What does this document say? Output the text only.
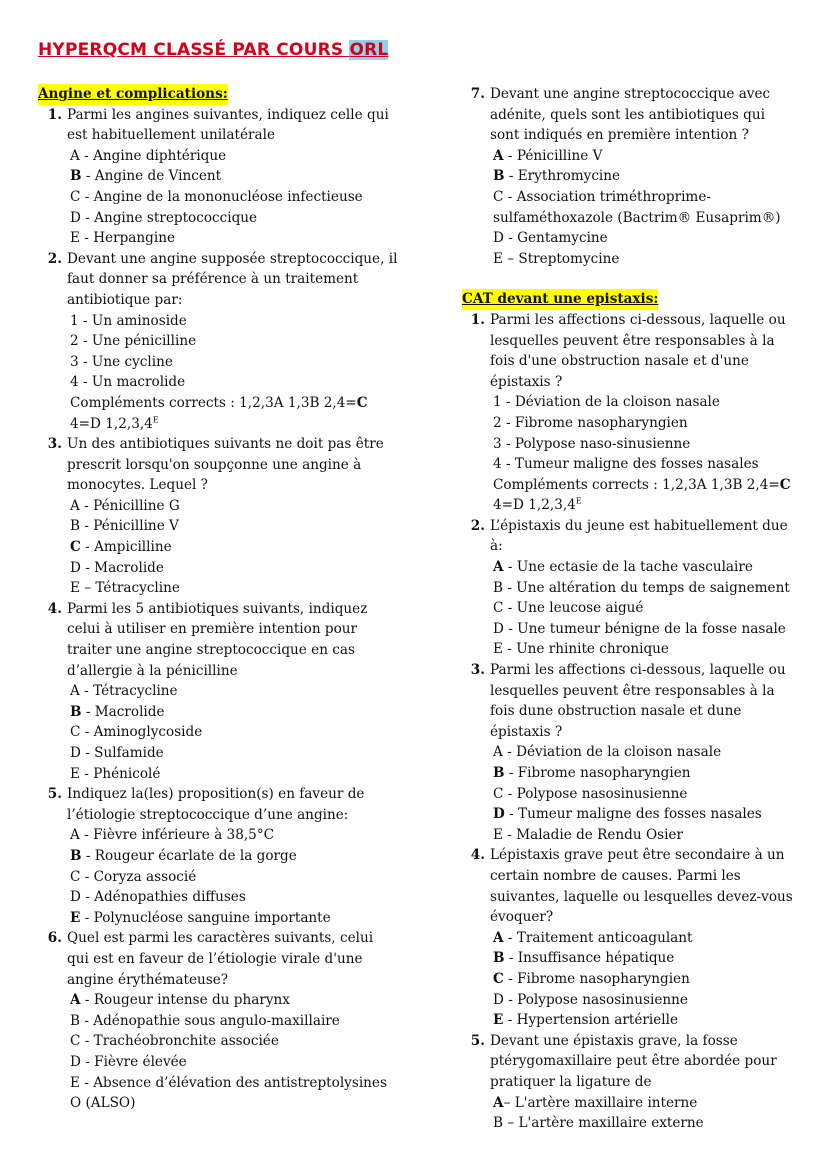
HYPERQCM CLASSÉ PAR COURS ORL
Angine et complications:
1. Parmi les angines suivantes, indiquez celle qui est habituellement unilatérale
A - Angine diphtérique
B - Angine de Vincent
C - Angine de la mononucléose infectieuse
D - Angine streptococcique
E - Herpangine
2. Devant une angine supposée streptococcique, il faut donner sa préférence à un traitement antibiotique par:
1 - Un aminoside
2 - Une pénicilline
3 - Une cycline
4 - Un macrolide
Compléments corrects : 1,2,3A 1,3B 2,4=C
4=D $1,2,3,4^E$
3. Un des antibiotiques suivants ne doit pas être prescrit lorsqu'on soupçonne une angine à monocytes. Lequel ?
A - Pénicilline G
B - Pénicilline V
C - Ampicilline
D - Macrolide
E – Tétracycline
4. Parmi les 5 antibiotiques suivants, indiquez celui à utiliser en première intention pour traiter une angine streptococcique en cas d’allergie à la pénicilline
A - Tétracycline
B - Macrolide
C - Aminoglycoside
D - Sulfamide
E - Phénicolé
5. Indiquez la(les) proposition(s) en faveur de l’étiologie streptococcique d’une angine:
A - Fièvre inférieure à 38,5°C
B - Rougeur écarlate de la gorge
C - Coryza associé
D - Adénopathies diffuses
E - Polynucléose sanguine importante
6. Quel est parmi les caractères suivants, celui qui est en faveur de l’étiologie virale d'une angine érythémateuse?
A - Rougeur intense du pharynx
B - Adénopathie sous angulo-maxillaire
C - Trachéobronchite associée
D - Fièvre élevée
E - Absence d’élévation des antistreptolysines O (ALSO)
7. Devant une angine streptococcique avec adénite, quels sont les antibiotiques qui sont indiqués en première intention ?
A - Pénicilline V
B - Erythromycine
C - Association triméthroprime-sulfaméthoxazole (Bactrim® Eusaprim®)
D - Gentamycine
E – Streptomycine
CAT devant une epistaxis:
1. Parmi les affections ci-dessous, laquelle ou lesquelles peuvent être responsables à la fois d'une obstruction nasale et d'une épistaxis ?
1 - Déviation de la cloison nasale
2 - Fibrome nasopharyngien
3 - Polypose naso-sinusienne
4 - Tumeur maligne des fosses nasales
Compléments corrects : 1,2,3A 1,3B 2,4=C
4=D $1,2,3,4^E$
2. L’épistaxis du jeune est habituellement due à:
A - Une ectasie de la tache vasculaire
B - Une altération du temps de saignement
C - Une leucose aigué
D - Une tumeur bénigne de la fosse nasale
E - Une rhinite chronique
3. Parmi les affections ci-dessous, laquelle ou lesquelles peuvent être responsables à la fois dune obstruction nasale et dune épistaxis ?
A - Déviation de la cloison nasale
B - Fibrome nasopharyngien
C - Polypose nasosinusienne
D - Tumeur maligne des fosses nasales
E - Maladie de Rendu Osier
4. Lépistaxis grave peut être secondaire à un certain nombre de causes. Parmi les suivantes, laquelle ou lesquelles devez-vous évoquer?
A - Traitement anticoagulant
B - Insuffisance hépatique
C - Fibrome nasopharyngien
D - Polypose nasosinusienne
E - Hypertension artérielle
5. Devant une épistaxis grave, la fosse ptérygomaxillaire peut être abordée pour pratiquer la ligature de
A– L'artère maxillaire interne
B – L'artère maxillaire externe
